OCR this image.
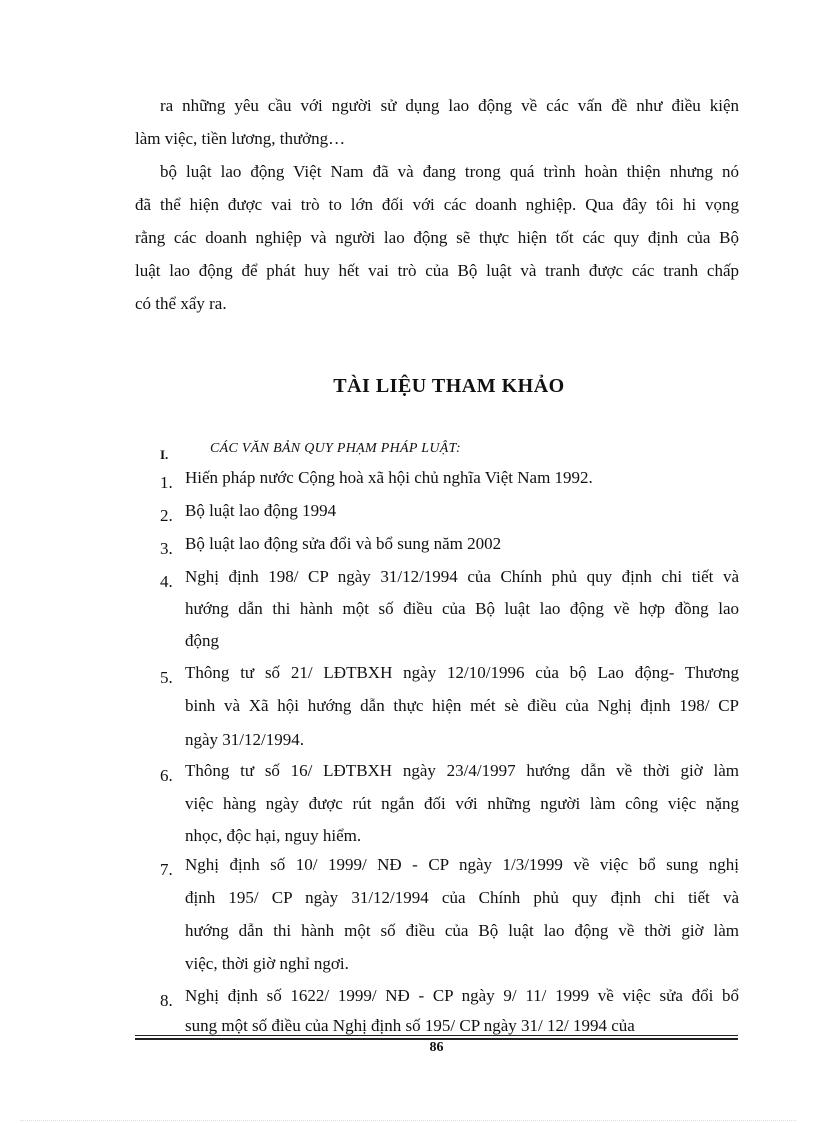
ra những yêu cầu với người sử dụng lao động về các vấn đề như điều kiện
làm việc, tiền lương, thưởng…
bộ luật lao động Việt Nam đã và đang trong quá trình hoàn thiện nhưng nó
đã thể hiện được vai trò to lớn đối với các doanh nghiệp. Qua đây tôi hi vọng
rằng các doanh nghiệp và người lao động sẽ thực hiện tốt các quy định của Bộ
luật lao động để phát huy hết vai trò của Bộ luật và tranh được các tranh chấp
có thể xẩy ra.
TÀI LIỆU THAM KHẢO
I.	CÁC VĂN BẢN QUY PHẠM PHÁP LUẬT:
1. Hiến pháp nước Cộng hoà xã hội chủ nghĩa Việt Nam 1992.
2. Bộ luật lao động 1994
3. Bộ luật lao động sửa đổi và bổ sung năm 2002
4. Nghị định 198/ CP ngày 31/12/1994 của Chính phủ quy định chi tiết và
hướng dẫn thi hành một số điều của Bộ luật lao động về hợp đồng lao
động
5. Thông tư số 21/ LĐTBXH ngày 12/10/1996 của bộ Lao động- Thương
binh và Xã hội hướng dẫn thực hiện mét sè điều của Nghị định 198/ CP
ngày 31/12/1994.
6. Thông tư số 16/ LĐTBXH ngày 23/4/1997 hướng dẫn về thời giờ làm
việc hàng ngày được rút ngắn đối với những người làm công việc nặng
nhọc, độc hại, nguy hiểm.
7. Nghị định số 10/ 1999/ NĐ - CP ngày 1/3/1999 về việc bổ sung nghị
định 195/ CP ngày 31/12/1994 của Chính phủ quy định chi tiết và
hướng dẫn thi hành một số điều của Bộ luật lao động về thời giờ làm
việc, thời giờ nghỉ ngơi.
8. Nghị định số 1622/ 1999/ NĐ - CP ngày 9/ 11/ 1999 về việc sửa đổi bổ
sung một số điều của Nghị định số 195/ CP ngày 31/ 12/ 1994 của
86
